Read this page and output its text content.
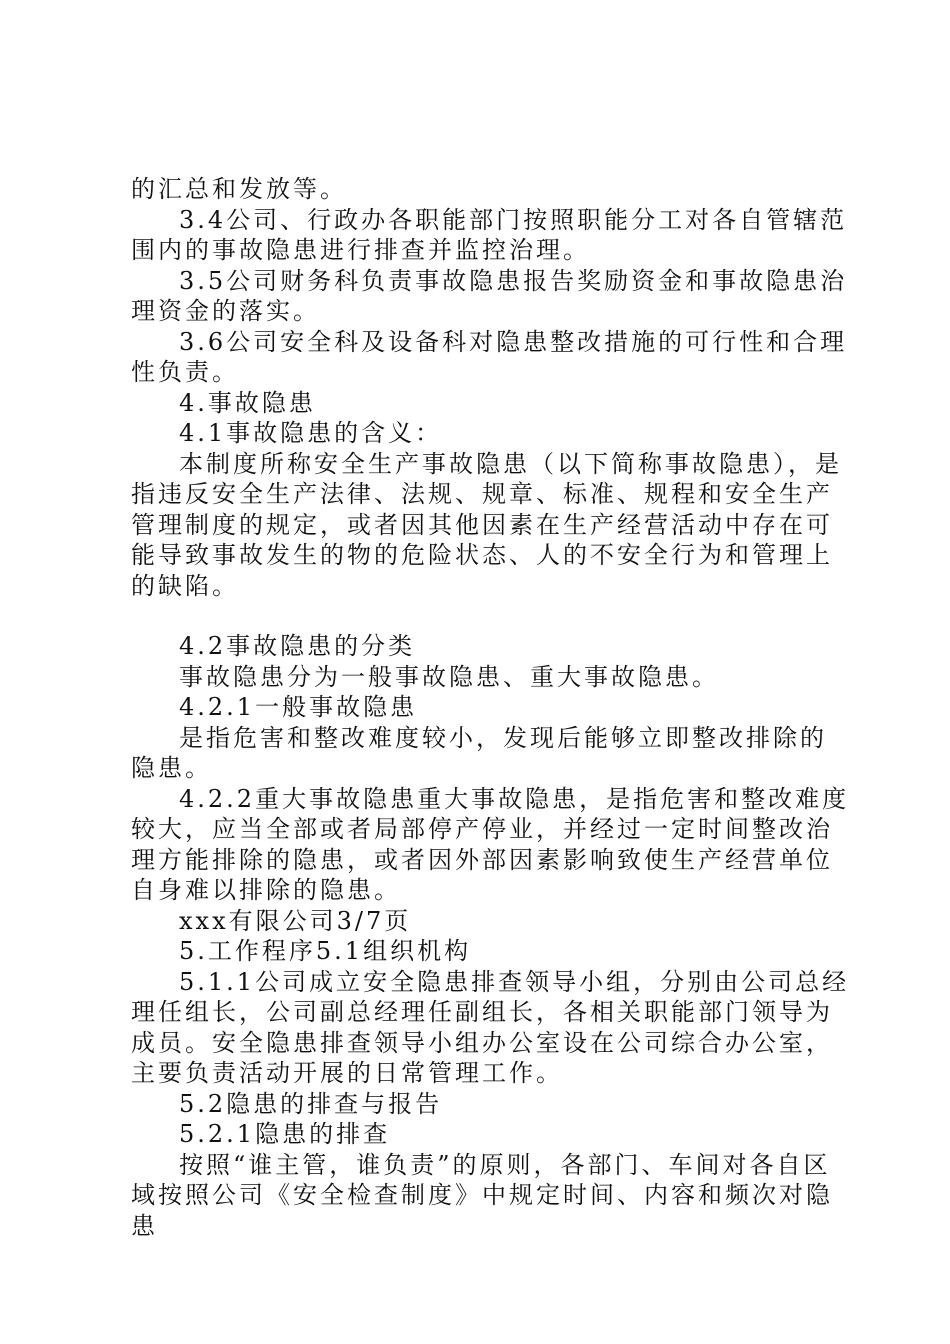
的汇总和发放等。

3.4公司、行政办各职能部门按照职能分工对各自管辖范围内的事故隐患进行排查并监控治理。

3.5公司财务科负责事故隐患报告奖励资金和事故隐患治理资金的落实。

3.6公司安全科及设备科对隐患整改措施的可行性和合理性负责。

4.事故隐患

4.1事故隐患的含义：

本制度所称安全生产事故隐患（以下简称事故隐患），是指违反安全生产法律、法规、规章、标准、规程和安全生产管理制度的规定，或者因其他因素在生产经营活动中存在可能导致事故发生的物的危险状态、人的不安全行为和管理上的缺陷。

4.2事故隐患的分类

事故隐患分为一般事故隐患、重大事故隐患。

4.2.1一般事故隐患

是指危害和整改难度较小，发现后能够立即整改排除的隐患。

4.2.2重大事故隐患重大事故隐患，是指危害和整改难度较大，应当全部或者局部停产停业，并经过一定时间整改治理方能排除的隐患，或者因外部因素影响致使生产经营单位自身难以排除的隐患。

xxx有限公司3/7页

5.工作程序5.1组织机构

5.1.1公司成立安全隐患排查领导小组，分别由公司总经理任组长，公司副总经理任副组长，各相关职能部门领导为成员。安全隐患排查领导小组办公室设在公司综合办公室，主要负责活动开展的日常管理工作。

5.2隐患的排查与报告

5.2.1隐患的排查

按照“谁主管，谁负责”的原则，各部门、车间对各自区域按照公司《安全检查制度》中规定时间、内容和频次对隐患
